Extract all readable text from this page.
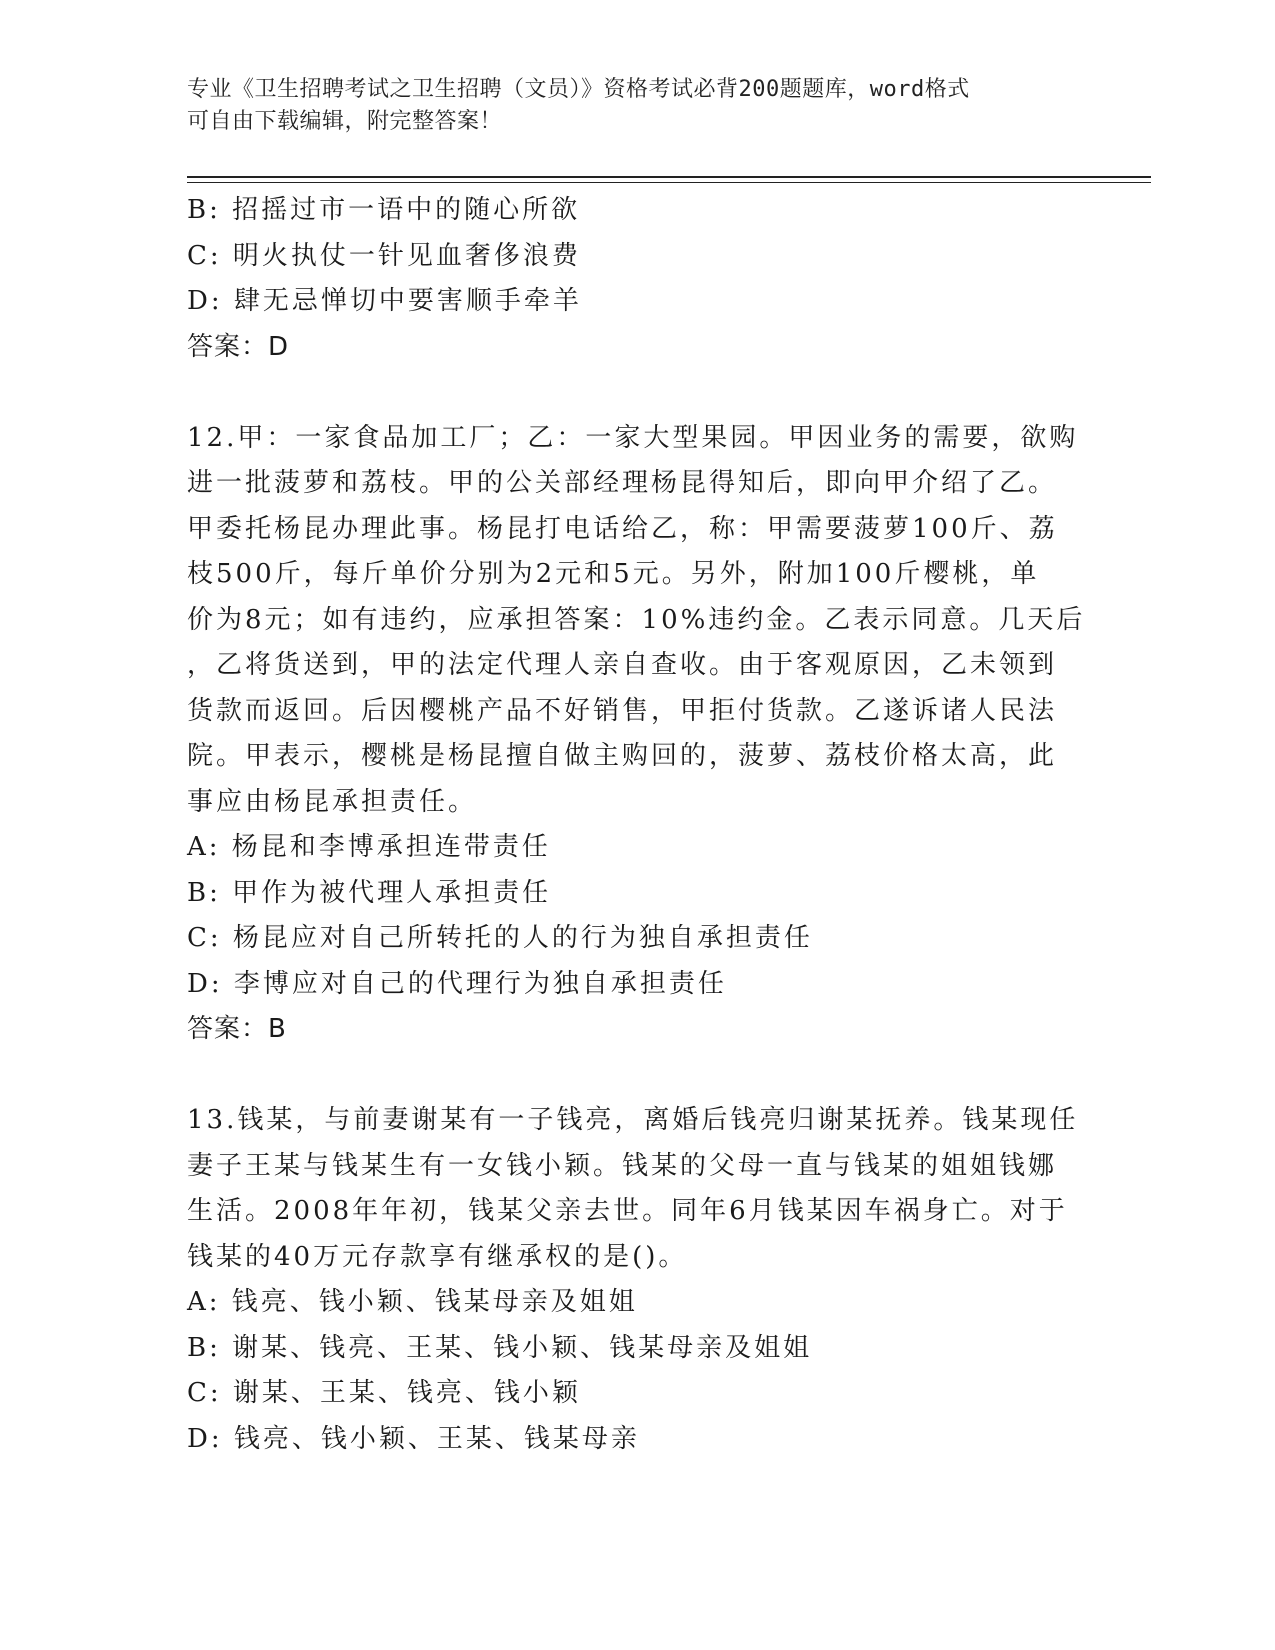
专业《卫生招聘考试之卫生招聘（文员）》资格考试必背200题题库，word格式
可自由下载编辑，附完整答案！
B: 招摇过市一语中的随心所欲
C: 明火执仗一针见血奢侈浪费
D: 肆无忌惮切中要害顺手牵羊
答案：D
12.甲：一家食品加工厂；乙：一家大型果园。甲因业务的需要，欲购
进一批菠萝和荔枝。甲的公关部经理杨昆得知后，即向甲介绍了乙。
甲委托杨昆办理此事。杨昆打电话给乙，称：甲需要菠萝100斤、荔
枝500斤，每斤单价分别为2元和5元。另外，附加100斤樱桃，单
价为8元；如有违约，应承担答案：10%违约金。乙表示同意。几天后
，乙将货送到，甲的法定代理人亲自查收。由于客观原因，乙未领到
货款而返回。后因樱桃产品不好销售，甲拒付货款。乙遂诉诸人民法
院。甲表示，樱桃是杨昆擅自做主购回的，菠萝、荔枝价格太高，此
事应由杨昆承担责任。
A: 杨昆和李博承担连带责任
B: 甲作为被代理人承担责任
C: 杨昆应对自己所转托的人的行为独自承担责任
D: 李博应对自己的代理行为独自承担责任
答案：B
13.钱某，与前妻谢某有一子钱亮，离婚后钱亮归谢某抚养。钱某现任
妻子王某与钱某生有一女钱小颖。钱某的父母一直与钱某的姐姐钱娜
生活。2008年年初，钱某父亲去世。同年6月钱某因车祸身亡。对于
钱某的40万元存款享有继承权的是()。
A: 钱亮、钱小颖、钱某母亲及姐姐
B: 谢某、钱亮、王某、钱小颖、钱某母亲及姐姐
C: 谢某、王某、钱亮、钱小颖
D: 钱亮、钱小颖、王某、钱某母亲
